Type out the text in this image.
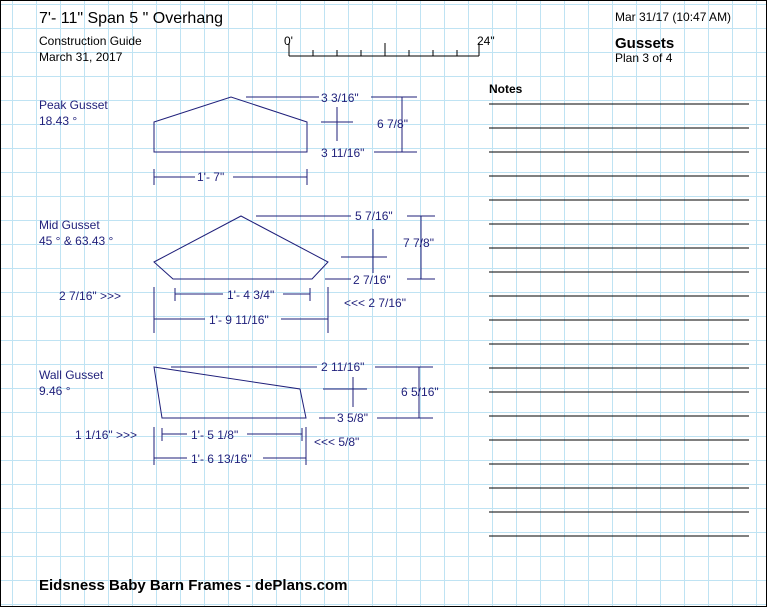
7'- 11" Span 5 " Overhang
Construction Guide
March 31, 2017
Mar 31/17 (10:47 AM)
Gussets
Plan 3 of 4
0'	24"
Peak Gusset
18.43 °
3 3/16"
6 7/8"
3 11/16"
1'- 7"
Mid Gusset
45 ° & 63.43 °
5 7/16"
7 7/8"
2 7/16"
2 7/16" >>>	1'- 4 3/4"
<<< 2 7/16"
1'- 9 11/16"
Wall Gusset
9.46 °
2 11/16"
6 5/16"
3 5/8"
1 1/16" >>>	1'- 5 1/8"	<<< 5/8"
1'- 6 13/16"
Notes
Eidsness Baby Barn Frames - dePlans.com
